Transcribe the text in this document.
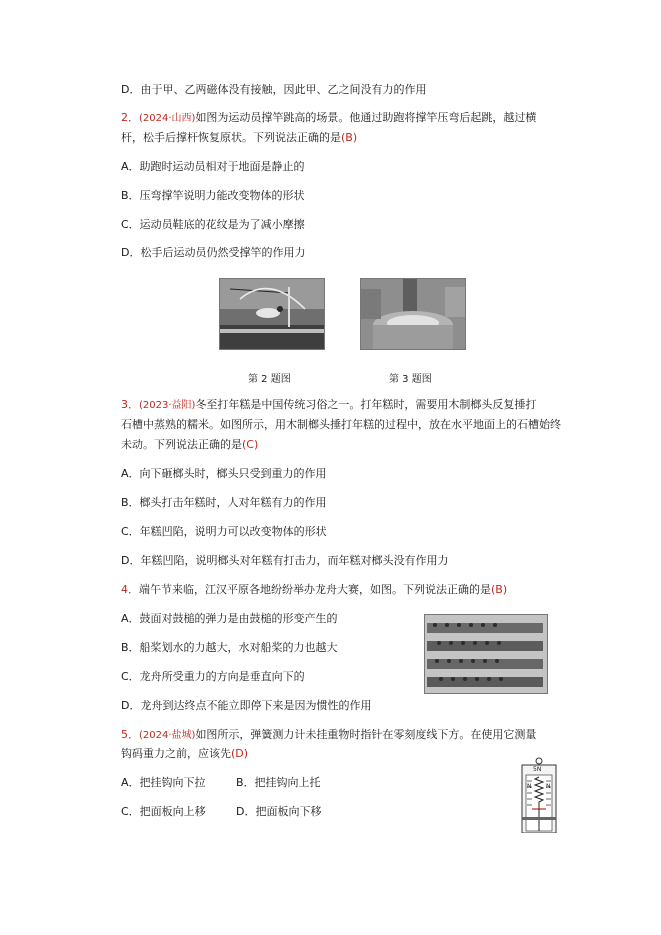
D．由于甲、乙两磁体没有接触，因此甲、乙之间没有力的作用
2．(2024·山西)如图为运动员撑竿跳高的场景。他通过助跑将撑竿压弯后起跳，越过横
杆，松手后撑杆恢复原状。下列说法正确的是(B)
A．助跑时运动员相对于地面是静止的
B．压弯撑竿说明力能改变物体的形状
C．运动员鞋底的花纹是为了减小摩擦
D．松手后运动员仍然受撑竿的作用力
第 2 题图	第 3 题图
3．(2023·益阳)冬至打年糕是中国传统习俗之一。打年糕时，需要用木制榔头反复捶打
石槽中蒸熟的糯米。如图所示，用木制榔头捶打年糕的过程中，放在水平地面上的石槽始终
未动。下列说法正确的是(C)
A．向下砸榔头时，榔头只受到重力的作用
B．榔头打击年糕时，人对年糕有力的作用
C．年糕凹陷，说明力可以改变物体的形状
D．年糕凹陷，说明榔头对年糕有打击力，而年糕对榔头没有作用力
4．端午节来临，江汉平原各地纷纷举办龙舟大赛，如图。下列说法正确的是(B)
A．鼓面对鼓槌的弹力是由鼓槌的形变产生的
B．船桨划水的力越大，水对船桨的力也越大
C．龙舟所受重力的方向是垂直向下的
D．龙舟到达终点不能立即停下来是因为惯性的作用
5．(2024·盐城)如图所示，弹簧测力计未挂重物时指针在零刻度线下方。在使用它测量
钩码重力之前，应该先(D)
A．把挂钩向下拉	B．把挂钩向上托
C．把面板向上移	D．把面板向下移
5N
N N
